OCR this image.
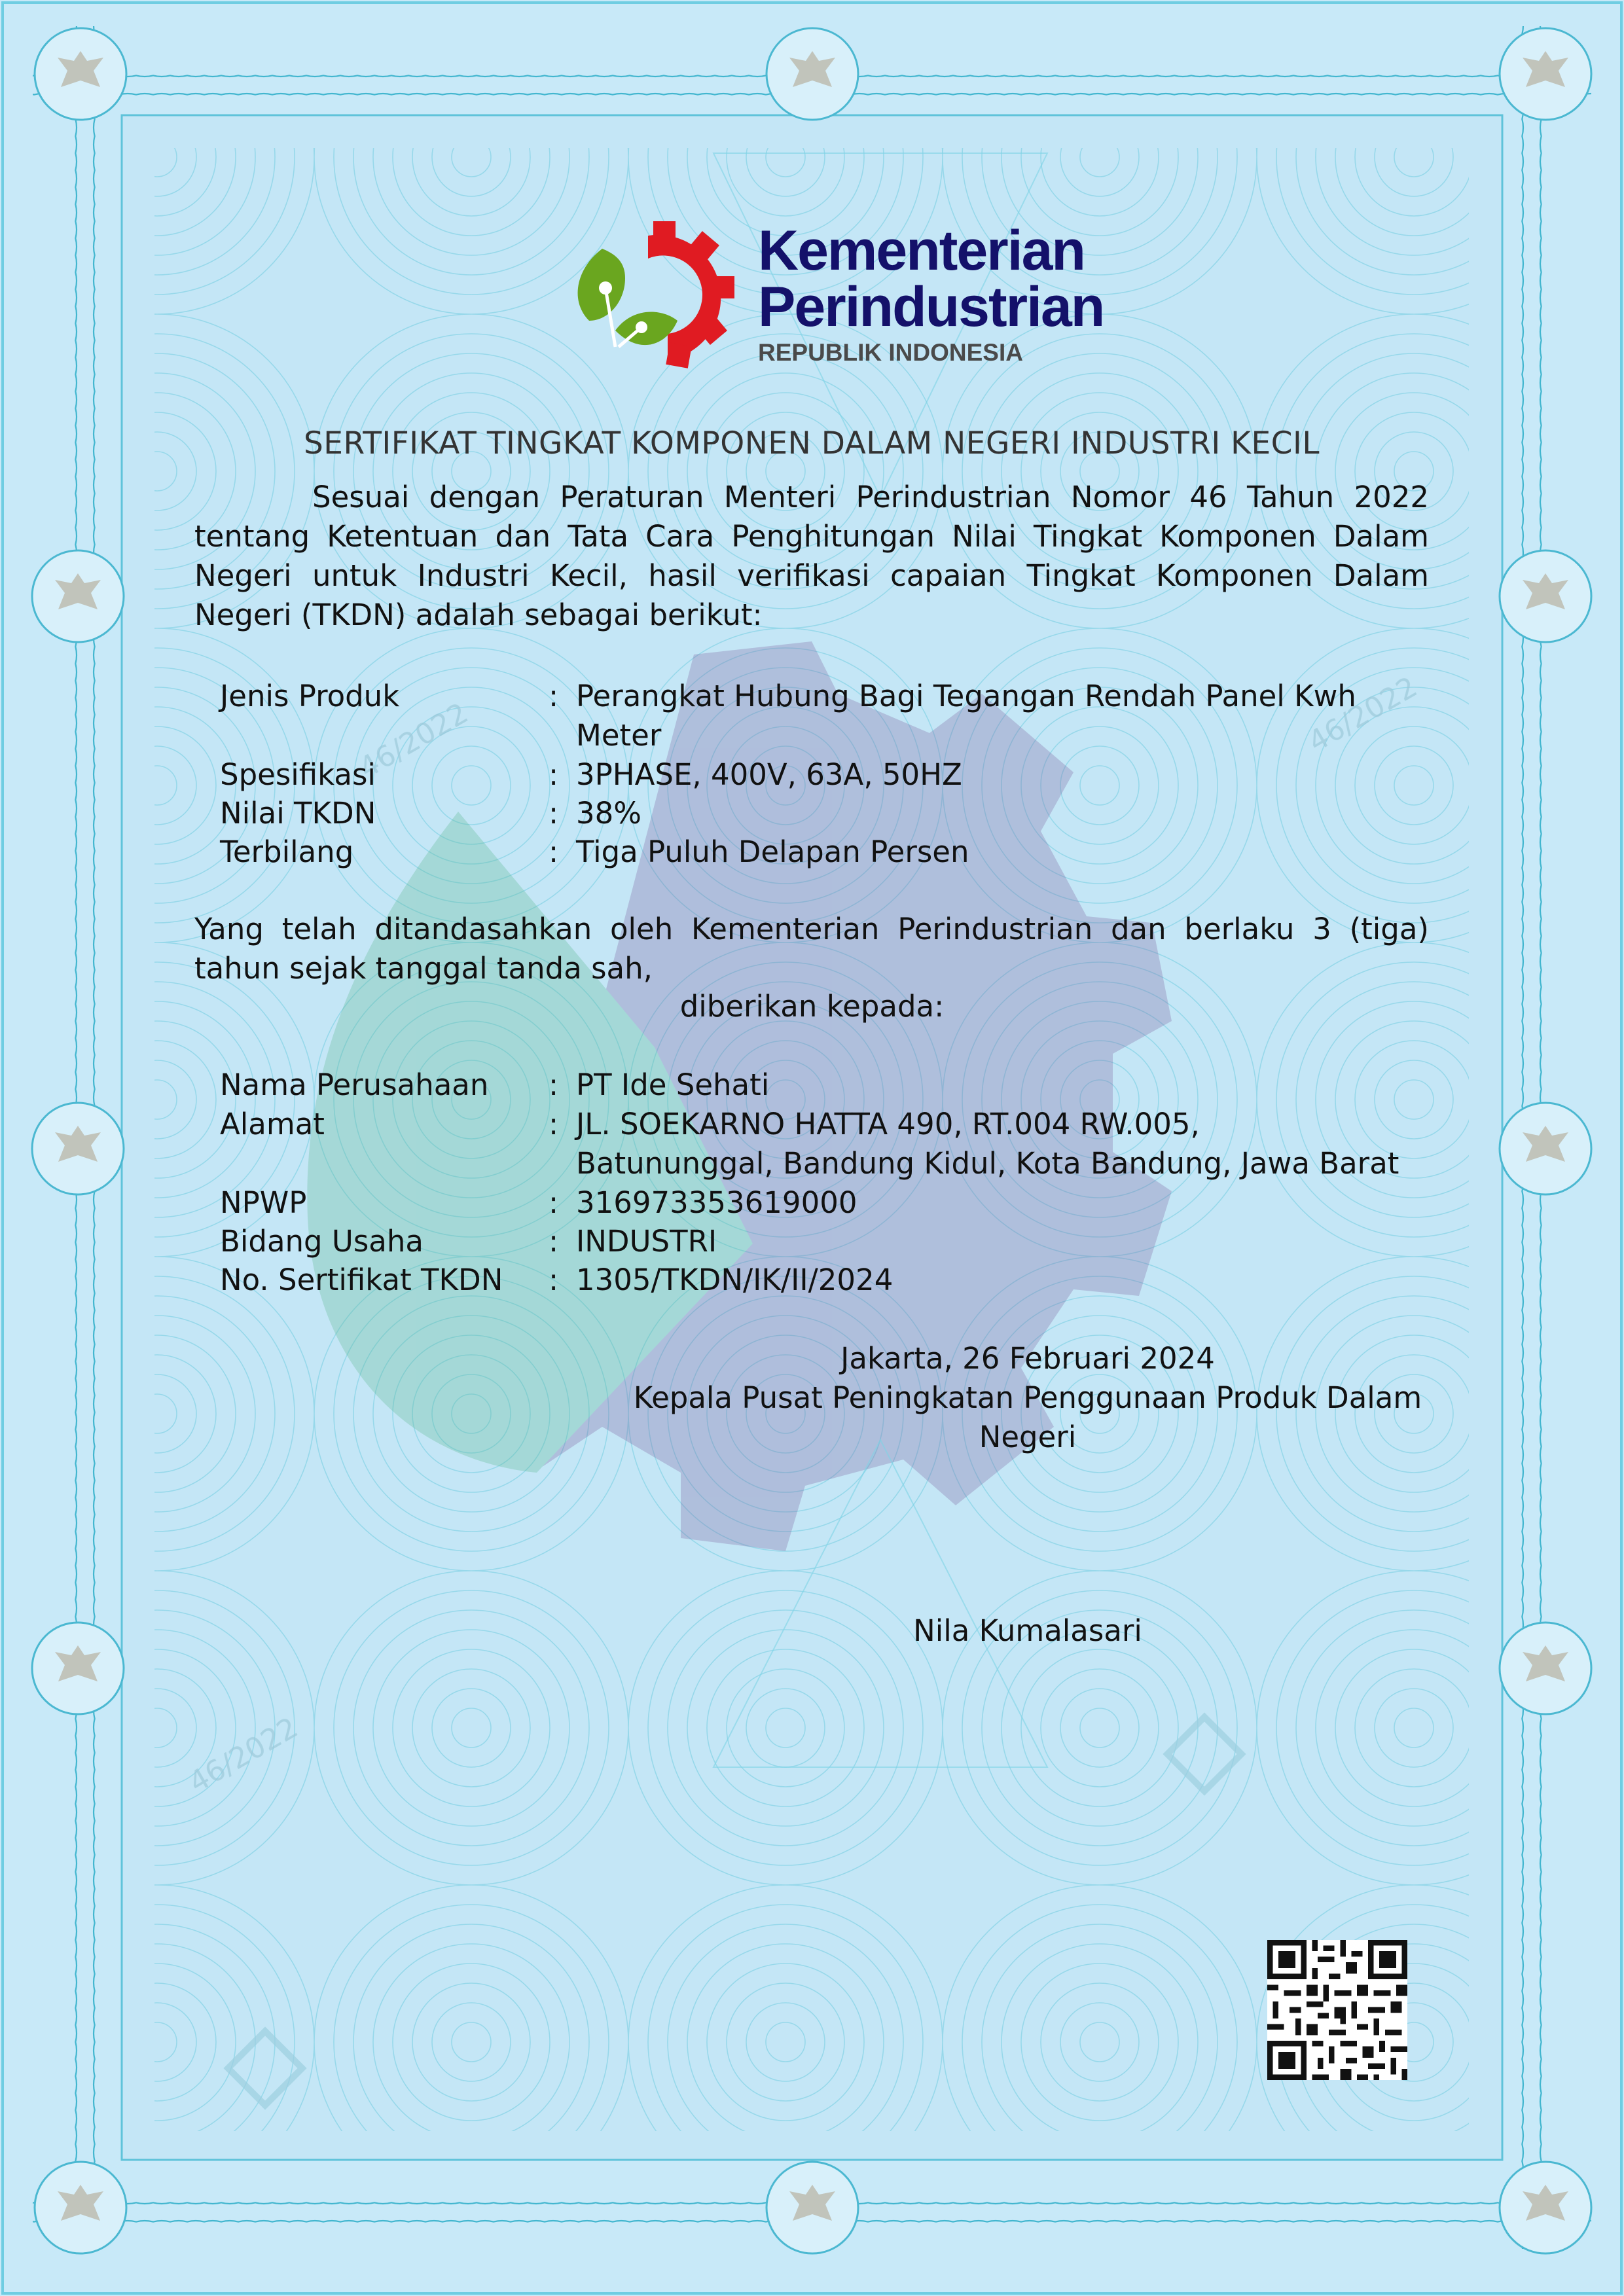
46/2022	46/2022
46/2022
Kementerian
Perindustrian
REPUBLIK INDONESIA
SERTIFIKAT TINGKAT KOMPONEN DALAM NEGERI INDUSTRI KECIL
Sesuai dengan Peraturan Menteri Perindustrian Nomor 46 Tahun 2022 tentang Ketentuan dan Tata Cara Penghitungan Nilai Tingkat Komponen Dalam Negeri untuk Industri Kecil, hasil verifikasi capaian Tingkat Komponen Dalam Negeri (TKDN) adalah sebagai berikut:
Jenis Produk	: Perangkat Hubung Bagi Tegangan Rendah Panel Kwh Meter
Spesifikasi	: 3PHASE, 400V, 63A, 50HZ
Nilai TKDN	: 38%
Terbilang	: Tiga Puluh Delapan Persen
Yang telah ditandasahkan oleh Kementerian Perindustrian dan berlaku 3 (tiga) tahun sejak tanggal tanda sah,
diberikan kepada:
Nama Perusahaan : PT Ide Sehati
Alamat	: JL. SOEKARNO HATTA 490, RT.004 RW.005,
Batununggal, Bandung Kidul, Kota Bandung, Jawa Barat
NPWP	: 316973353619000
Bidang Usaha	: INDUSTRI
No. Sertifikat TKDN : 1305/TKDN/IK/II/2024
Jakarta, 26 Februari 2024
Kepala Pusat Peningkatan Penggunaan Produk Dalam
Negeri
Nila Kumalasari
